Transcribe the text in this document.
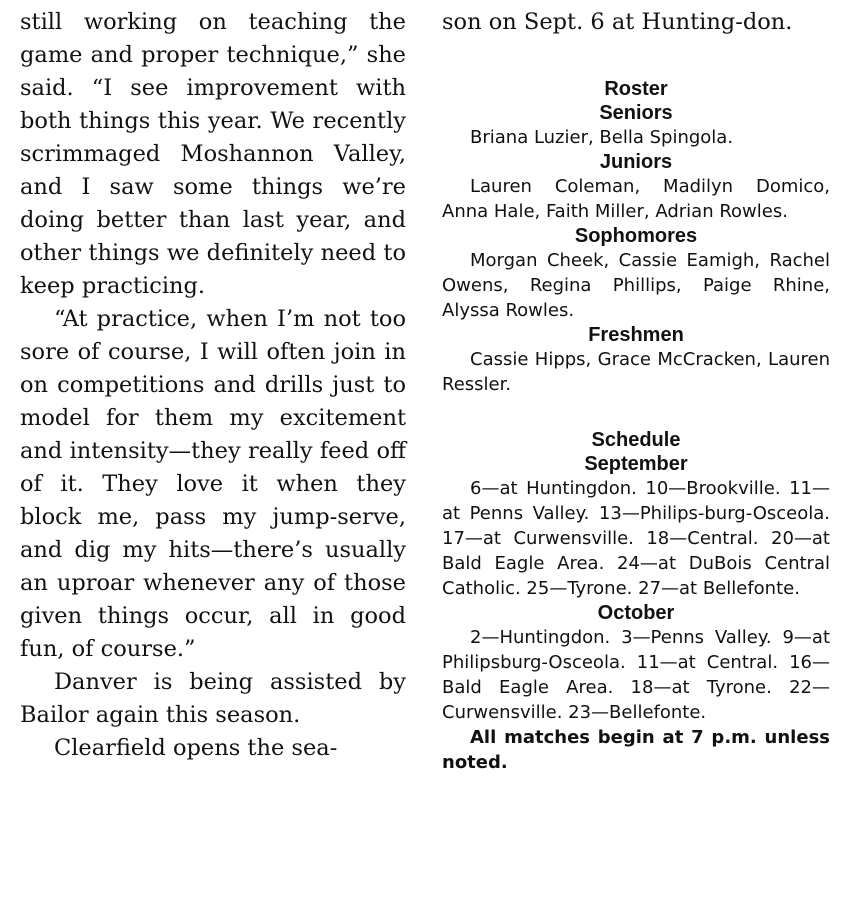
still working on teaching the game and proper technique,” she said. “I see improvement with both things this year. We recently scrimmaged Moshannon Valley, and I saw some things we’re doing better than last year, and other things we definitely need to keep practicing.

“At practice, when I’m not too sore of course, I will often join in on competitions and drills just to model for them my excitement and intensity—they really feed off of it. They love it when they block me, pass my jump-serve, and dig my hits—there’s usually an uproar whenever any of those given things occur, all in good fun, of course.”

Danver is being assisted by Bailor again this season.

Clearfield opens the sea-

son on Sept. 6 at Hunting-don.

Roster

Seniors

Briana Luzier, Bella Spingola.

Juniors

Lauren Coleman, Madilyn Domico, Anna Hale, Faith Miller, Adrian Rowles.

Sophomores

Morgan Cheek, Cassie Eamigh, Rachel Owens, Regina Phillips, Paige Rhine, Alyssa Rowles.

Freshmen

Cassie Hipps, Grace McCracken, Lauren Ressler.

Schedule

September

6—at Huntingdon. 10—Brookville. 11—at Penns Valley. 13—Philips-burg-Osceola. 17—at Curwensville. 18—Central. 20—at Bald Eagle Area. 24—at DuBois Central Catholic. 25—Tyrone. 27—at Bellefonte.

October

2—Huntingdon. 3—Penns Valley. 9—at Philipsburg-Osceola. 11—at Central. 16—Bald Eagle Area. 18—at Tyrone. 22—Curwensville. 23—Bellefonte.

All matches begin at 7 p.m. unless noted.
